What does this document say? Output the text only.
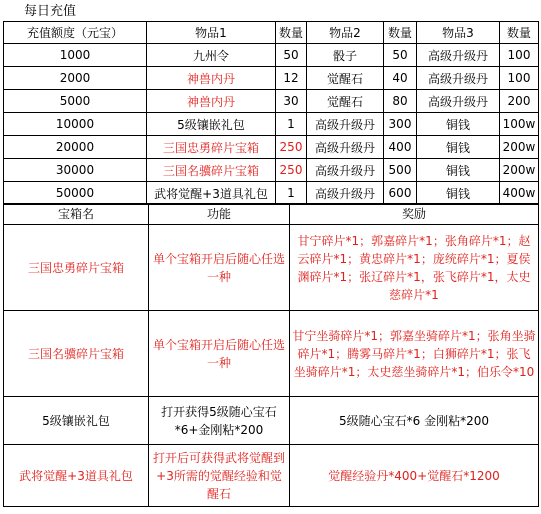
每日充值
充值额度（元宝）	物品1	数量	物品2	数量	物品3	数量
1000	九州令	50	骰子	50	高级升级丹	100
2000	神兽内丹	12	觉醒石	40	高级升级丹	100
5000	神兽内丹	30	觉醒石	80	高级升级丹	200
10000	5级镶嵌礼包	1	高级升级丹	300	铜钱	100w
20000	三国忠勇碎片宝箱	250	高级升级丹	400	铜钱	200w
30000	三国名骥碎片宝箱	250	高级升级丹	500	铜钱	200w
50000	武将觉醒+3道具礼包	1	高级升级丹	600	铜钱	400w
宝箱名	功能	奖励
三国忠勇碎片宝箱	单个宝箱开启后随心任选一种	甘宁碎片*1；郭嘉碎片*1；张角碎片*1；赵云碎片*1；黄忠碎片*1；庞统碎片*1；夏侯渊碎片*1；张辽碎片*1，张飞碎片*1，太史慈碎片*1
三国名骥碎片宝箱	单个宝箱开启后随心任选一种	甘宁坐骑碎片*1；郭嘉坐骑碎片*1；张角坐骑碎片*1；腾雾马碎片*1；白狮碎片*1；张飞坐骑碎片*1；太史慈坐骑碎片*1；伯乐令*10
5级镶嵌礼包	打开获得5级随心宝石*6+金刚粘*200	5级随心宝石*6 金刚粘*200
武将觉醒+3道具礼包	打开后可获得武将觉醒到+3所需的觉醒经验和觉醒石	觉醒经验丹*400+觉醒石*1200
